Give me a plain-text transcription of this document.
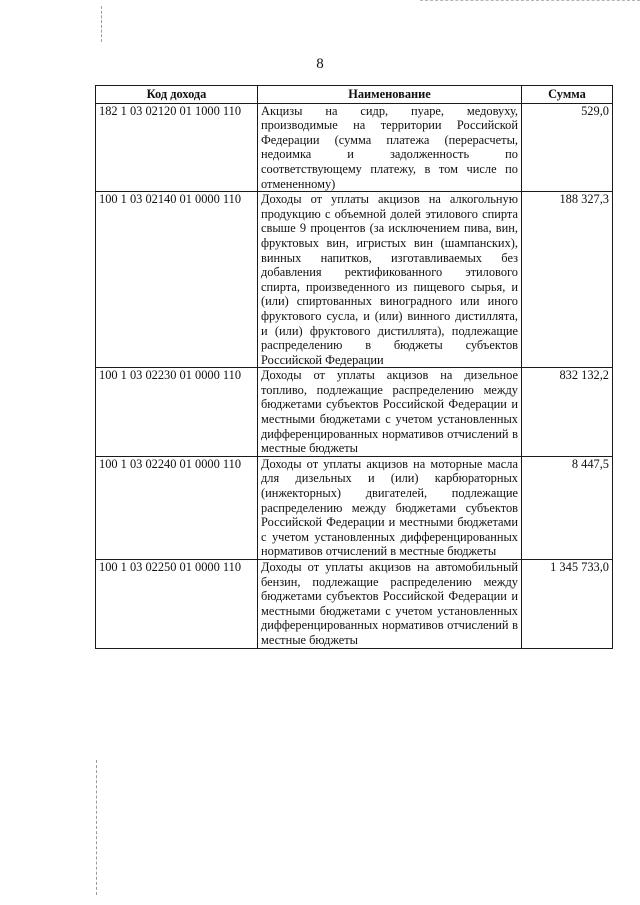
8
Код дохода	Наименование	Сумма
182 1 03 02120 01 1000 110	Акцизы на сидр, пуаре, медовуху, производимые на территории Российской Федерации (сумма платежа (перерасчеты, недоимка и задолженность по соответствующему платежу, в том числе по отмененному)	529,0
100 1 03 02140 01 0000 110	Доходы от уплаты акцизов на алкогольную продукцию с объемной долей этилового спирта свыше 9 процентов (за исключением пива, вин, фруктовых вин, игристых вин (шампанских), винных напитков, изготавливаемых без добавления ректификованного этилового спирта, произведенного из пищевого сырья, и (или) спиртованных виноградного или иного фруктового сусла, и (или) винного дистиллята, и (или) фруктового дистиллята), подлежащие распределению в бюджеты субъектов Российской Федерации	188 327,3
100 1 03 02230 01 0000 110	Доходы от уплаты акцизов на дизельное топливо, подлежащие распределению между бюджетами субъектов Российской Федерации и местными бюджетами с учетом установленных дифференцированных нормативов отчислений в местные бюджеты	832 132,2
100 1 03 02240 01 0000 110	Доходы от уплаты акцизов на моторные масла для дизельных и (или) карбюраторных (инжекторных) двигателей, подлежащие распределению между бюджетами субъектов Российской Федерации и местными бюджетами с учетом установленных дифференцированных нормативов отчислений в местные бюджеты	8 447,5
100 1 03 02250 01 0000 110	Доходы от уплаты акцизов на автомобильный бензин, подлежащие распределению между бюджетами субъектов Российской Федерации и местными бюджетами с учетом установленных дифференцированных нормативов отчислений в местные бюджеты	1 345 733,0
